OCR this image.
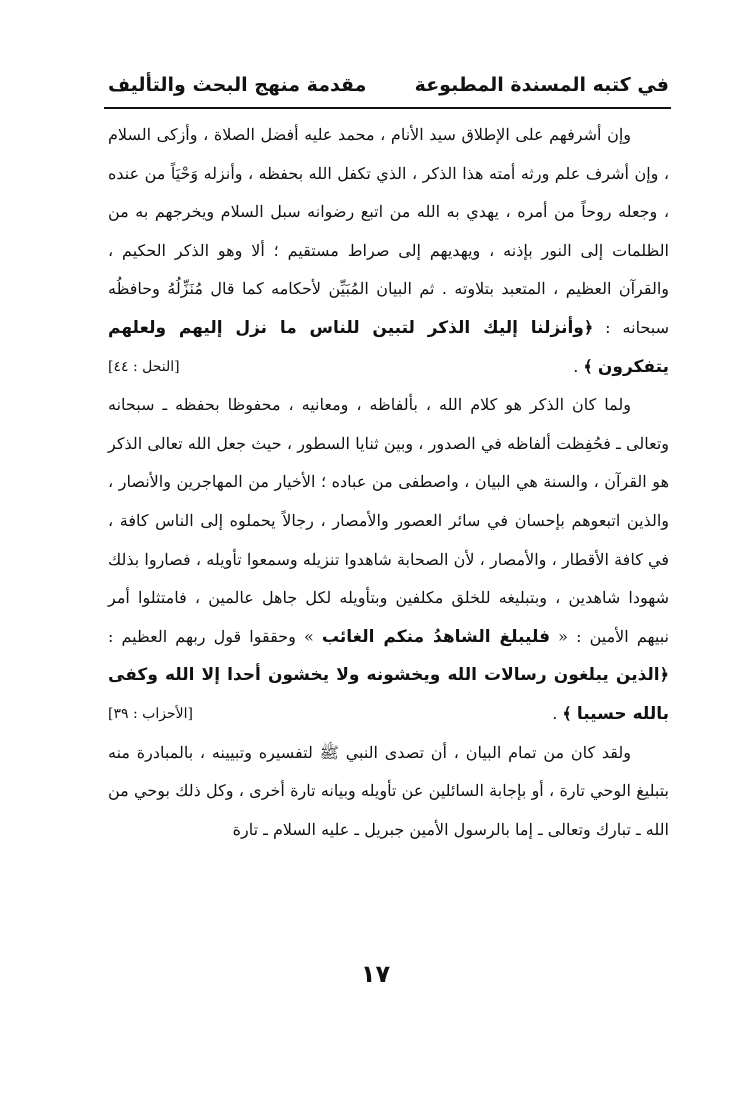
في كتبه المسندة المطبوعة
مقدمة منهج البحث والتأليف

وإن أشرفهم على الإطلاق سيد الأنام ، محمد عليه أفضل الصلاة ، وأزكى السلام ، وإن أشرف علم ورثه أمته هذا الذكر ، الذي تكفل الله بحفظه ، وأنزله وَحْيَاً من عنده ، وجعله روحاً من أمره ، يهدي به الله من اتبع رضوانه سبل السلام ويخرجهم به من الظلمات إلى النور بإذنه ، ويهديهم إلى صراط مستقيم ؛ ألا وهو الذكر الحكيم ، والقرآن العظيم ، المتعبد بتلاوته . ثم البيان المُبَيِّن لأحكامه كما قال مُنَزِّلُهُ وحافظُه سبحانه : ﴿وأنزلنا إليك الذكر لتبين للناس ما نزل إليهم ولعلهم يتفكرون ﴾ .
[النحل : ٤٤]

ولما كان الذكر هو كلام الله ، بألفاظه ، ومعانيه ، محفوظا بحفظه ـ سبحانه وتعالى ـ فحُفِظت ألفاظه في الصدور ، وبين ثنايا السطور ، حيث جعل الله تعالى الذكر هو القرآن ، والسنة هي البيان ، واصطفى من عباده ؛ الأخيار من المهاجرين والأنصار ، والذين اتبعوهم بإحسان في سائر العصور والأمصار ، رجالاً يحملوه إلى الناس كافة ، في كافة الأقطار ، والأمصار ، لأن الصحابة شاهدوا تنزيله وسمعوا تأويله ، فصاروا بذلك شهودا شاهدين ، وبتبليغه للخلق مكلفين وبتأويله لكل جاهل عالمين ، فامتثلوا أمر نبيهم الأمين : « فليبلغ الشاهدُ منكم الغائب » وحققوا قول ربهم العظيم : ﴿الذين يبلغون رسالات الله ويخشونه ولا يخشون أحدا إلا الله وكفى بالله حسيبا ﴾ .
[الأحزاب : ٣٩]

ولقد كان من تمام البيان ، أن تصدى النبي ﷺ لتفسيره وتبيينه ، بالمبادرة منه بتبليغ الوحي تارة ، أو بإجابة السائلين عن تأويله وبيانه تارة أخرى ، وكل ذلك بوحي من الله ـ تبارك وتعالى ـ إما بالرسول الأمين جبريل ـ عليه السلام ـ تارة

١٧
